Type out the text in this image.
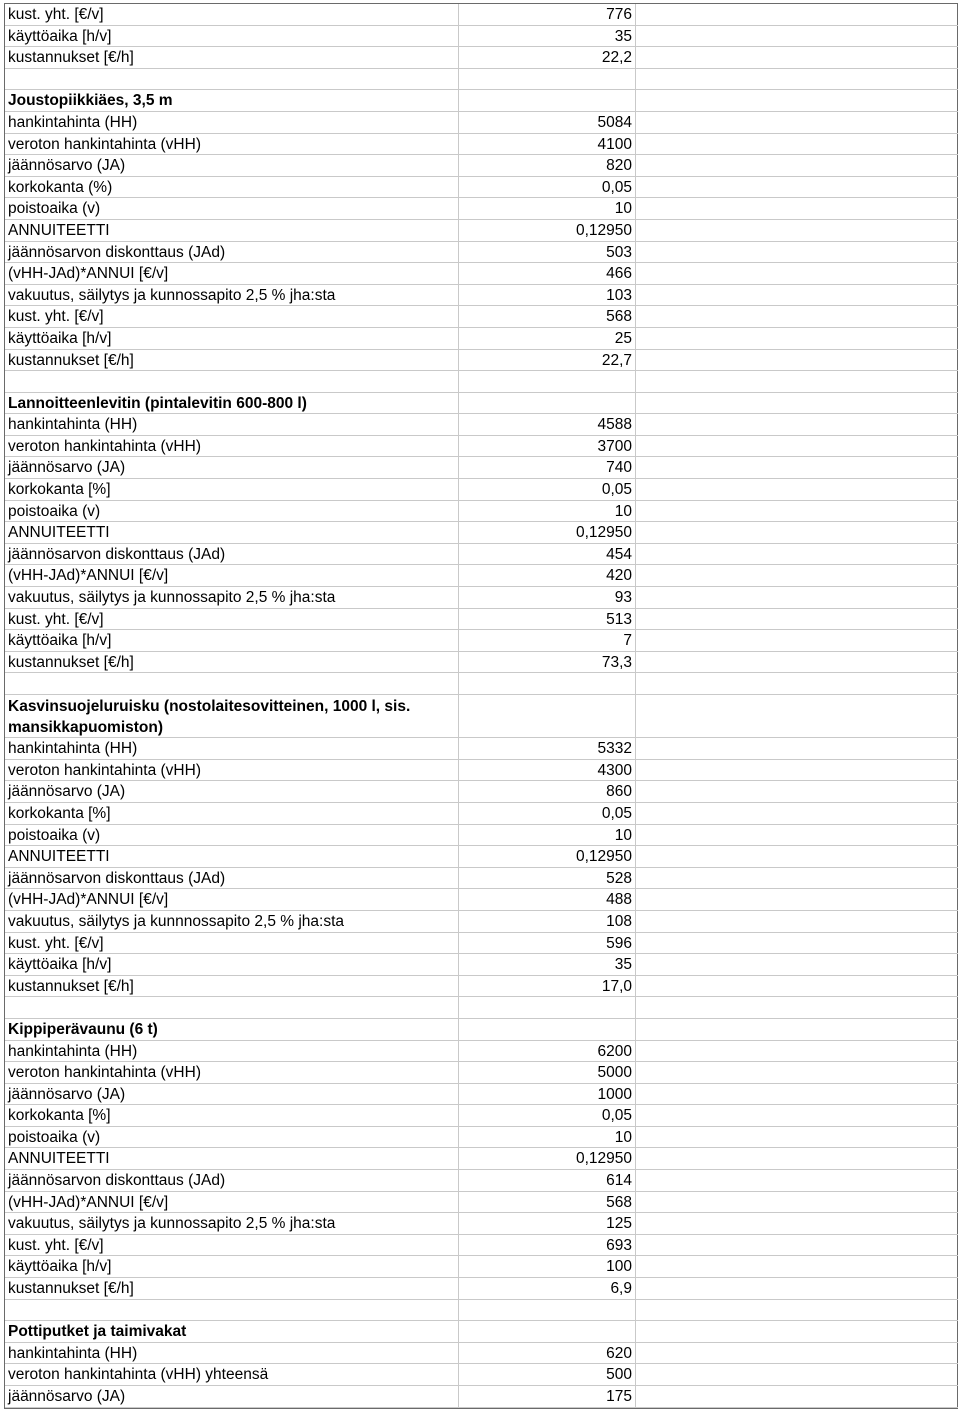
kust. yht. [€/v]	776
käyttöaika [h/v]	35
kustannukset [€/h]	22,2
Joustopiikkiäes, 3,5 m
hankintahinta (HH)	5084
veroton hankintahinta (vHH)	4100
jäännösarvo (JA)	820
korkokanta (%)	0,05
poistoaika (v)	10
ANNUITEETTI	0,12950
jäännösarvon diskonttaus (JAd)	503
(vHH-JAd)*ANNUI [€/v]	466
vakuutus, säilytys ja kunnossapito 2,5 % jha:sta	103
kust. yht. [€/v]	568
käyttöaika [h/v]	25
kustannukset [€/h]	22,7
Lannoitteenlevitin (pintalevitin 600-800 l)
hankintahinta (HH)	4588
veroton hankintahinta (vHH)	3700
jäännösarvo (JA)	740
korkokanta [%]	0,05
poistoaika (v)	10
ANNUITEETTI	0,12950
jäännösarvon diskonttaus (JAd)	454
(vHH-JAd)*ANNUI [€/v]	420
vakuutus, säilytys ja kunnossapito 2,5 % jha:sta	93
kust. yht. [€/v]	513
käyttöaika [h/v]	7
kustannukset [€/h]	73,3
Kasvinsuojeluruisku (nostolaitesovitteinen, 1000 l, sis. mansikkapuomiston)
hankintahinta (HH)	5332
veroton hankintahinta (vHH)	4300
jäännösarvo (JA)	860
korkokanta [%]	0,05
poistoaika (v)	10
ANNUITEETTI	0,12950
jäännösarvon diskonttaus (JAd)	528
(vHH-JAd)*ANNUI [€/v]	488
vakuutus, säilytys ja kunnnossapito 2,5 % jha:sta	108
kust. yht. [€/v]	596
käyttöaika [h/v]	35
kustannukset [€/h]	17,0
Kippiperävaunu (6 t)
hankintahinta (HH)	6200
veroton hankintahinta (vHH)	5000
jäännösarvo (JA)	1000
korkokanta [%]	0,05
poistoaika (v)	10
ANNUITEETTI	0,12950
jäännösarvon diskonttaus (JAd)	614
(vHH-JAd)*ANNUI [€/v]	568
vakuutus, säilytys ja kunnossapito 2,5 % jha:sta	125
kust. yht. [€/v]	693
käyttöaika [h/v]	100
kustannukset [€/h]	6,9
Pottiputket ja taimivakat
hankintahinta (HH)	620
veroton hankintahinta (vHH) yhteensä	500
jäännösarvo (JA)	175
